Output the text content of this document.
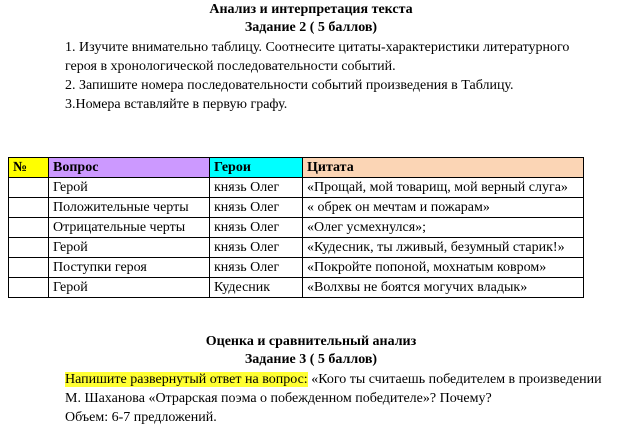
Анализ и интерпретация текста
Задание 2 ( 5 баллов)
1. Изучите внимательно таблицу. Соотнесите цитаты-характеристики литературного
героя в хронологической последовательности событий.
2. Запишите номера последовательности событий произведения в Таблицу.
3.Номера вставляйте в первую графу.
№	Вопрос	Герои	Цитата
	Герой	князь Олег	«Прощай, мой товарищ, мой верный слуга»
	Положительные черты	князь Олег	« обрек он мечтам и пожарам»
	Отрицательные черты	князь Олег	«Олег усмехнулся»;
	Герой	князь Олег	«Кудесник, ты лживый, безумный старик!»
	Поступки героя	князь Олег	«Покройте попоной, мохнатым ковром»
	Герой	Кудесник	«Волхвы не боятся могучих владык»
Оценка и сравнительный анализ
Задание 3 ( 5 баллов)
Напишите развернутый ответ на вопрос: «Кого ты считаешь победителем в произведении
М. Шаханова «Отрарская поэма о побежденном победителе»? Почему?
Объем: 6-7 предложений.
